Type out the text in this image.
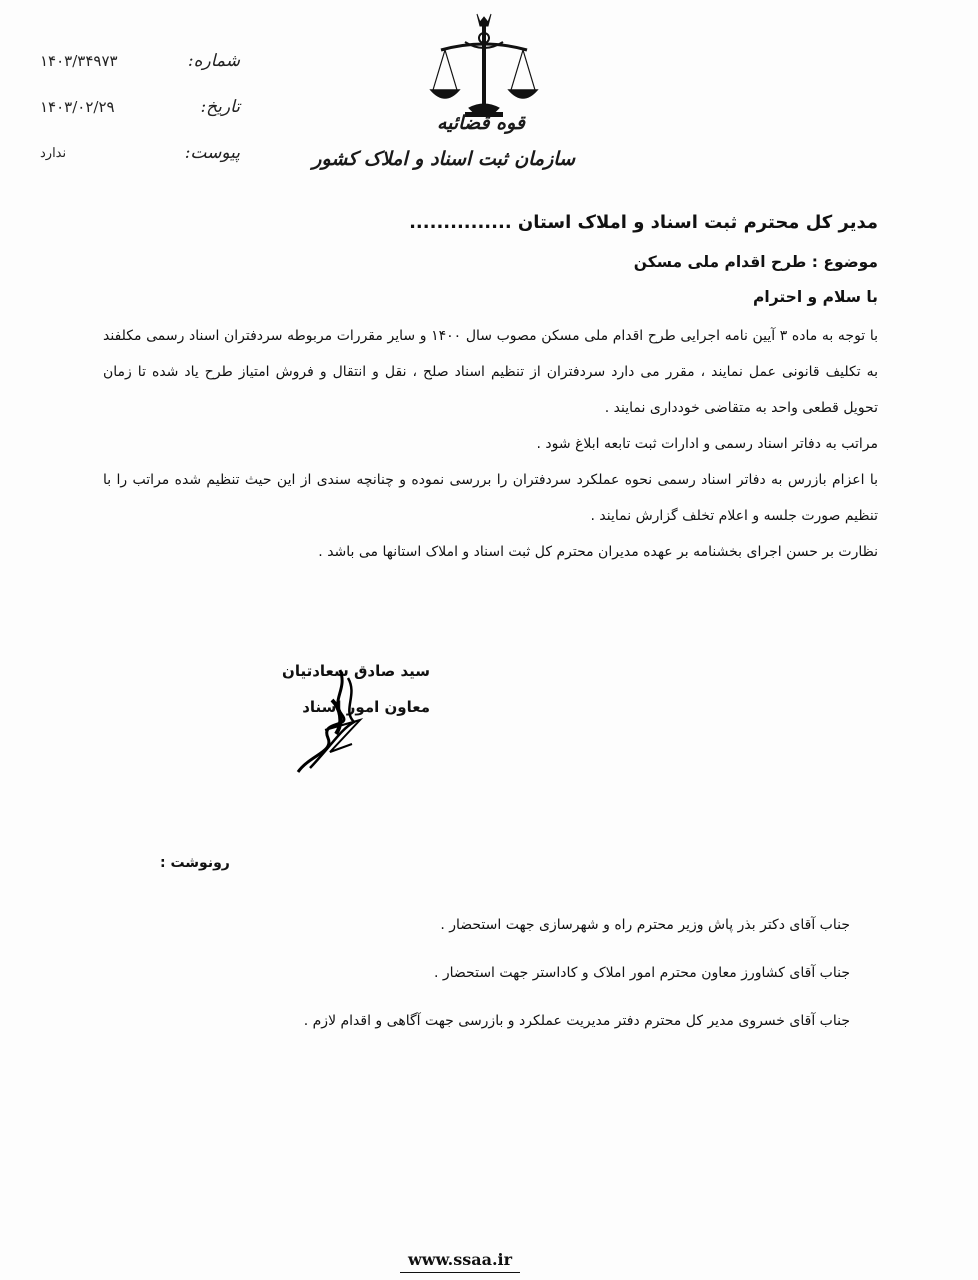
شماره:
۱۴۰۳/۳۴۹۷۳
تاریخ:
۱۴۰۳/۰۲/۲۹
پیوست:
ندارد
قوه قضائیه
سازمان ثبت اسناد و املاک کشور
مدیر کل محترم ثبت اسناد و املاک استان ...............
موضوع : طرح اقدام ملی مسکن
با سلام و احترام

با توجه به ماده ۳ آیین نامه اجرایی طرح اقدام ملی مسکن مصوب سال ۱۴۰۰ و سایر مقررات مربوطه سردفتران اسناد رسمی مکلفند به تکلیف قانونی عمل نمایند ، مقرر می دارد سردفتران از تنظیم اسناد صلح ، نقل و انتقال و فروش امتیاز طرح یاد شده تا زمان تحویل قطعی واحد به متقاضی خودداری نمایند .

مراتب به دفاتر اسناد رسمی و ادارات ثبت تابعه ابلاغ شود .

با اعزام بازرس به دفاتر اسناد رسمی نحوه عملکرد سردفتران را بررسی نموده و چنانچه سندی از این حیث تنظیم شده مراتب را با تنظیم صورت جلسه و اعلام تخلف گزارش نمایند .

نظارت بر حسن اجرای بخشنامه بر عهده مدیران محترم کل ثبت اسناد و املاک استانها می باشد .

سید صادق سعادتیان
معاون امور اسناد
رونوشت :
جناب آقای دکتر بذر پاش وزیر محترم راه و شهرسازی جهت استحضار .
جناب آقای کشاورز معاون محترم امور املاک و کاداستر جهت استحضار .
جناب آقای خسروی مدیر کل محترم دفتر مدیریت عملکرد و بازرسی جهت آگاهی و اقدام لازم .
www.ssaa.ir
